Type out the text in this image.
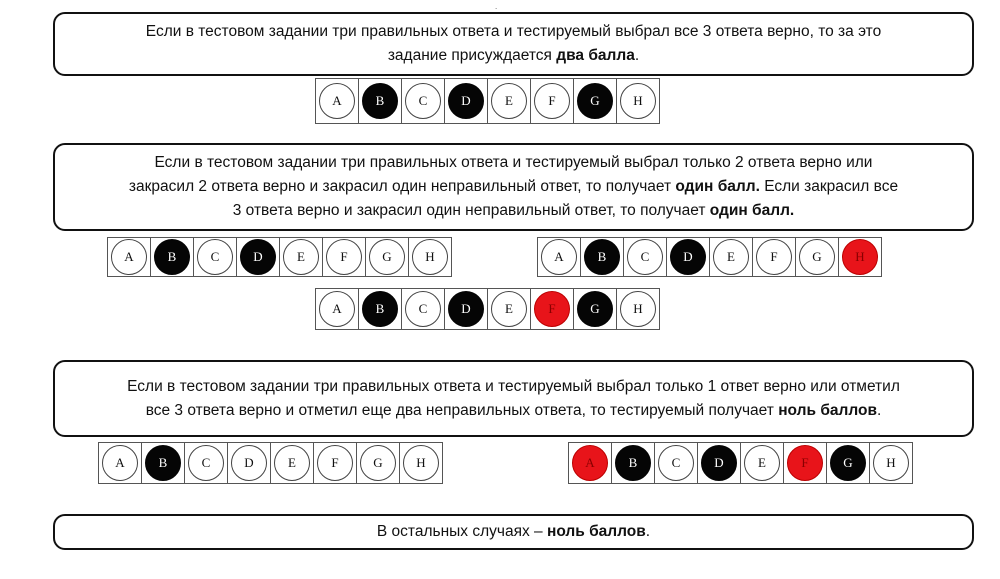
.
Если в тестовом задании три правильных ответа и тестируемый выбрал все 3 ответа верно, то за это
задание присуждается два балла.
A	B	C	D	E	F	G	H
Если в тестовом задании три правильных ответа и тестируемый выбрал только 2 ответа верно или
закрасил 2 ответа верно и закрасил один неправильный ответ, то получает один балл. Если закрасил все
3 ответа верно и закрасил один неправильный ответ, то получает один балл.
A	B	C	D	E	F	G	H	A	B	C	D	E	F	G	H
A	B	C	D	E	F	G	H
Если в тестовом задании три правильных ответа и тестируемый выбрал только 1 ответ верно или отметил
все 3 ответа верно и отметил еще два неправильных ответа, то тестируемый получает ноль баллов.
A	B	C	D	E	F	G	H	A	B	C	D	E	F	G	H
В остальных случаях – ноль баллов.
